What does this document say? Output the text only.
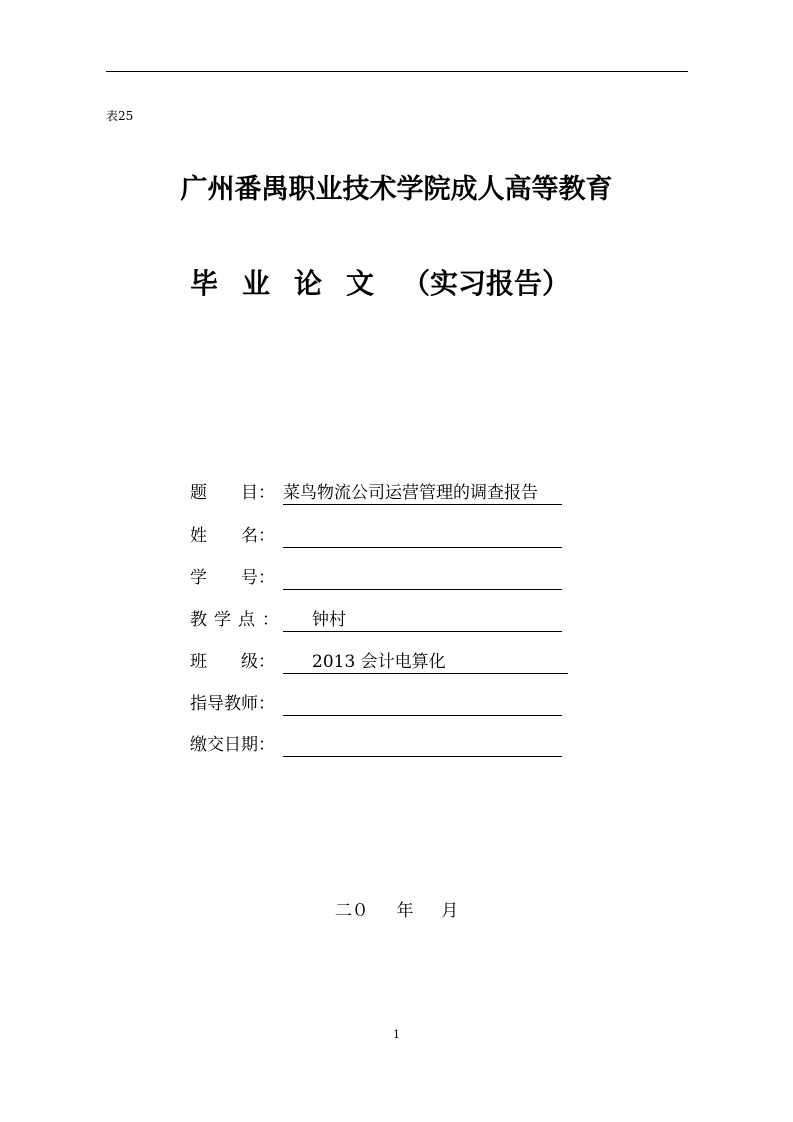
表25
广州番禺职业技术学院成人高等教育
毕业论文 （实习报告）
题　　目： 菜鸟物流公司运营管理的调查报告
姓　　名：
学　　号：
教学点： 钟村
班　　级： 2013 会计电算化
指导教师：
缴交日期：
二０　  年　  月
1
